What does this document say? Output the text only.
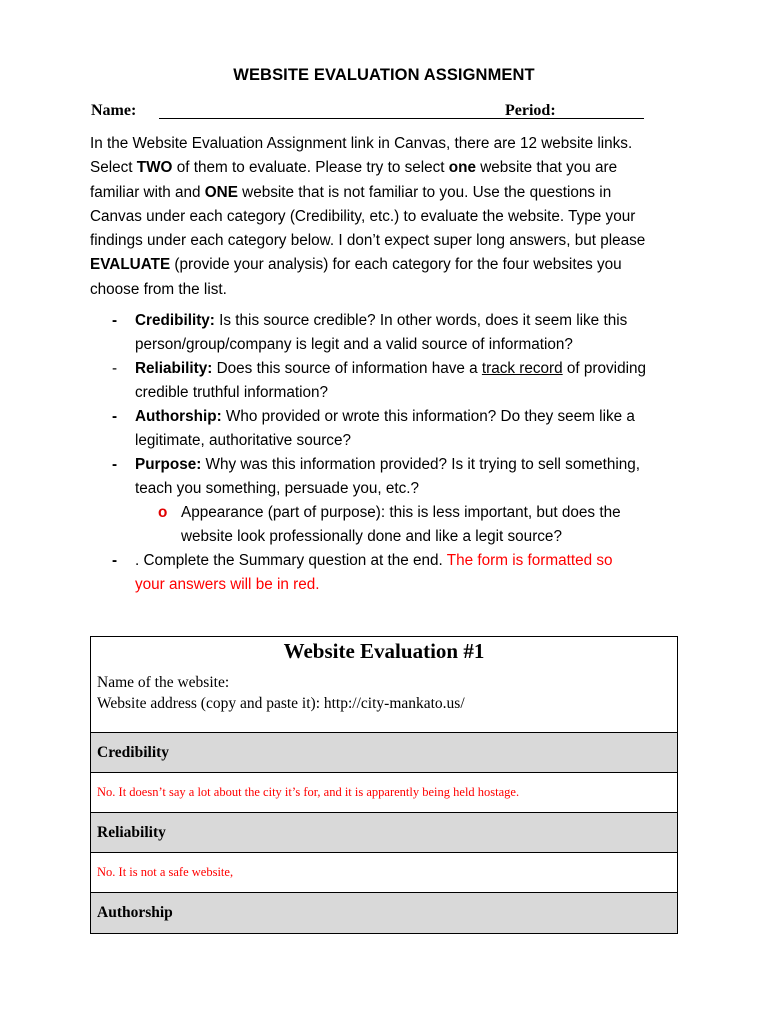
WEBSITE EVALUATION ASSIGNMENT
Name:	Period:
In the Website Evaluation Assignment link in Canvas, there are 12 website links.
Select TWO of them to evaluate. Please try to select one website that you are
familiar with and ONE website that is not familiar to you. Use the questions in
Canvas under each category (Credibility, etc.) to evaluate the website. Type your
findings under each category below. I don’t expect super long answers, but please
EVALUATE (provide your analysis) for each category for the four websites you
choose from the list.
- Credibility: Is this source credible? In other words, does it seem like this
person/group/company is legit and a valid source of information?
- Reliability: Does this source of information have a track record of providing
credible truthful information?
- Authorship: Who provided or wrote this information? Do they seem like a
legitimate, authoritative source?
- Purpose: Why was this information provided? Is it trying to sell something,
teach you something, persuade you, etc.?
o Appearance (part of purpose): this is less important, but does the
website look professionally done and like a legit source?
- . Complete the Summary question at the end. The form is formatted so
your answers will be in red.
Website Evaluation #1
Name of the website:
Website address (copy and paste it): http://city-mankato.us/
Credibility
No. It doesn’t say a lot about the city it’s for, and it is apparently being held hostage.
Reliability
No. It is not a safe website,
Authorship
